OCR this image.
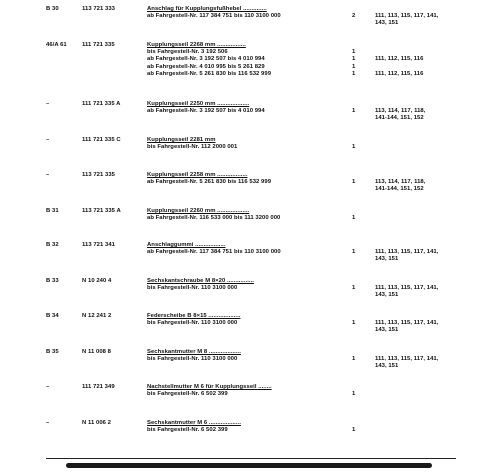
B 30	113 721 333	Anschlag für Kupplungsfußhebel ..............
ab Fahrgestell-Nr. 117 384 751 bis 110 3100 000	2	111, 113, 115, 117, 141,
143, 151
46/A 61	111 721 335	Kupplungsseil 2268 mm .................
bis Fahrgestell-Nr. 3 192 506	1
ab Fahrgestell-Nr. 3 192 507 bis 4 010 994	1	111, 112, 115, 116
ab Fahrgestell-Nr. 4 010 995 bis 5 261 829	1
ab Fahrgestell-Nr. 5 261 830 bis 116 532 999	1	111, 112, 115, 116
–	111 721 335 A	Kupplungsseil 2250 mm ...................
ab Fahrgestell-Nr. 3 192 507 bis 4 010 994	1	113, 114, 117, 118,
141-144, 151, 152
–	111 721 335 C	Kupplungsseil 2281 mm
bis Fahrgestell-Nr. 112 2000 001	1
–	113 721 335	Kupplungsseil 2258 mm ..................
ab Fahrgestell-Nr. 5 261 830 bis 116 532 999	1	113, 114, 117, 118,
141-144, 151, 152
B 31	113 721 335 A	Kupplungsseil 2260 mm ...................
ab Fahrgestell-Nr. 116 533 000 bis 111 3200 000	1
B 32	113 721 341	Anschlaggummi ..................
ab Fahrgestell-Nr. 117 384 751 bis 110 3100 000	1	111, 113, 115, 117, 141,
143, 151
B 33	N 10 240 4	Sechskantschraube M 8×20 ................
bis Fahrgestell-Nr. 110 3100 000	1	111, 113, 115, 117, 141,
143, 151
B 34	N 12 241 2	Federscheibe B 8×15 ...................
bis Fahrgestell-Nr. 110 3100 000	1	111, 113, 115, 117, 141,
143, 151
B 35	N 11 008 8	Sechskantmutter M 8 ...................
bis Fahrgestell-Nr. 110 3100 000	1	111, 113, 115, 117, 141,
143, 151
–	111 721 349	Nachstellmutter M 6 für Kupplungsseil ........
bis Fahrgestell-Nr. 6 502 399	1
–	N 11 006 2	Sechskantmutter M 6 ...................
bis Fahrgestell-Nr. 6 502 399	1
